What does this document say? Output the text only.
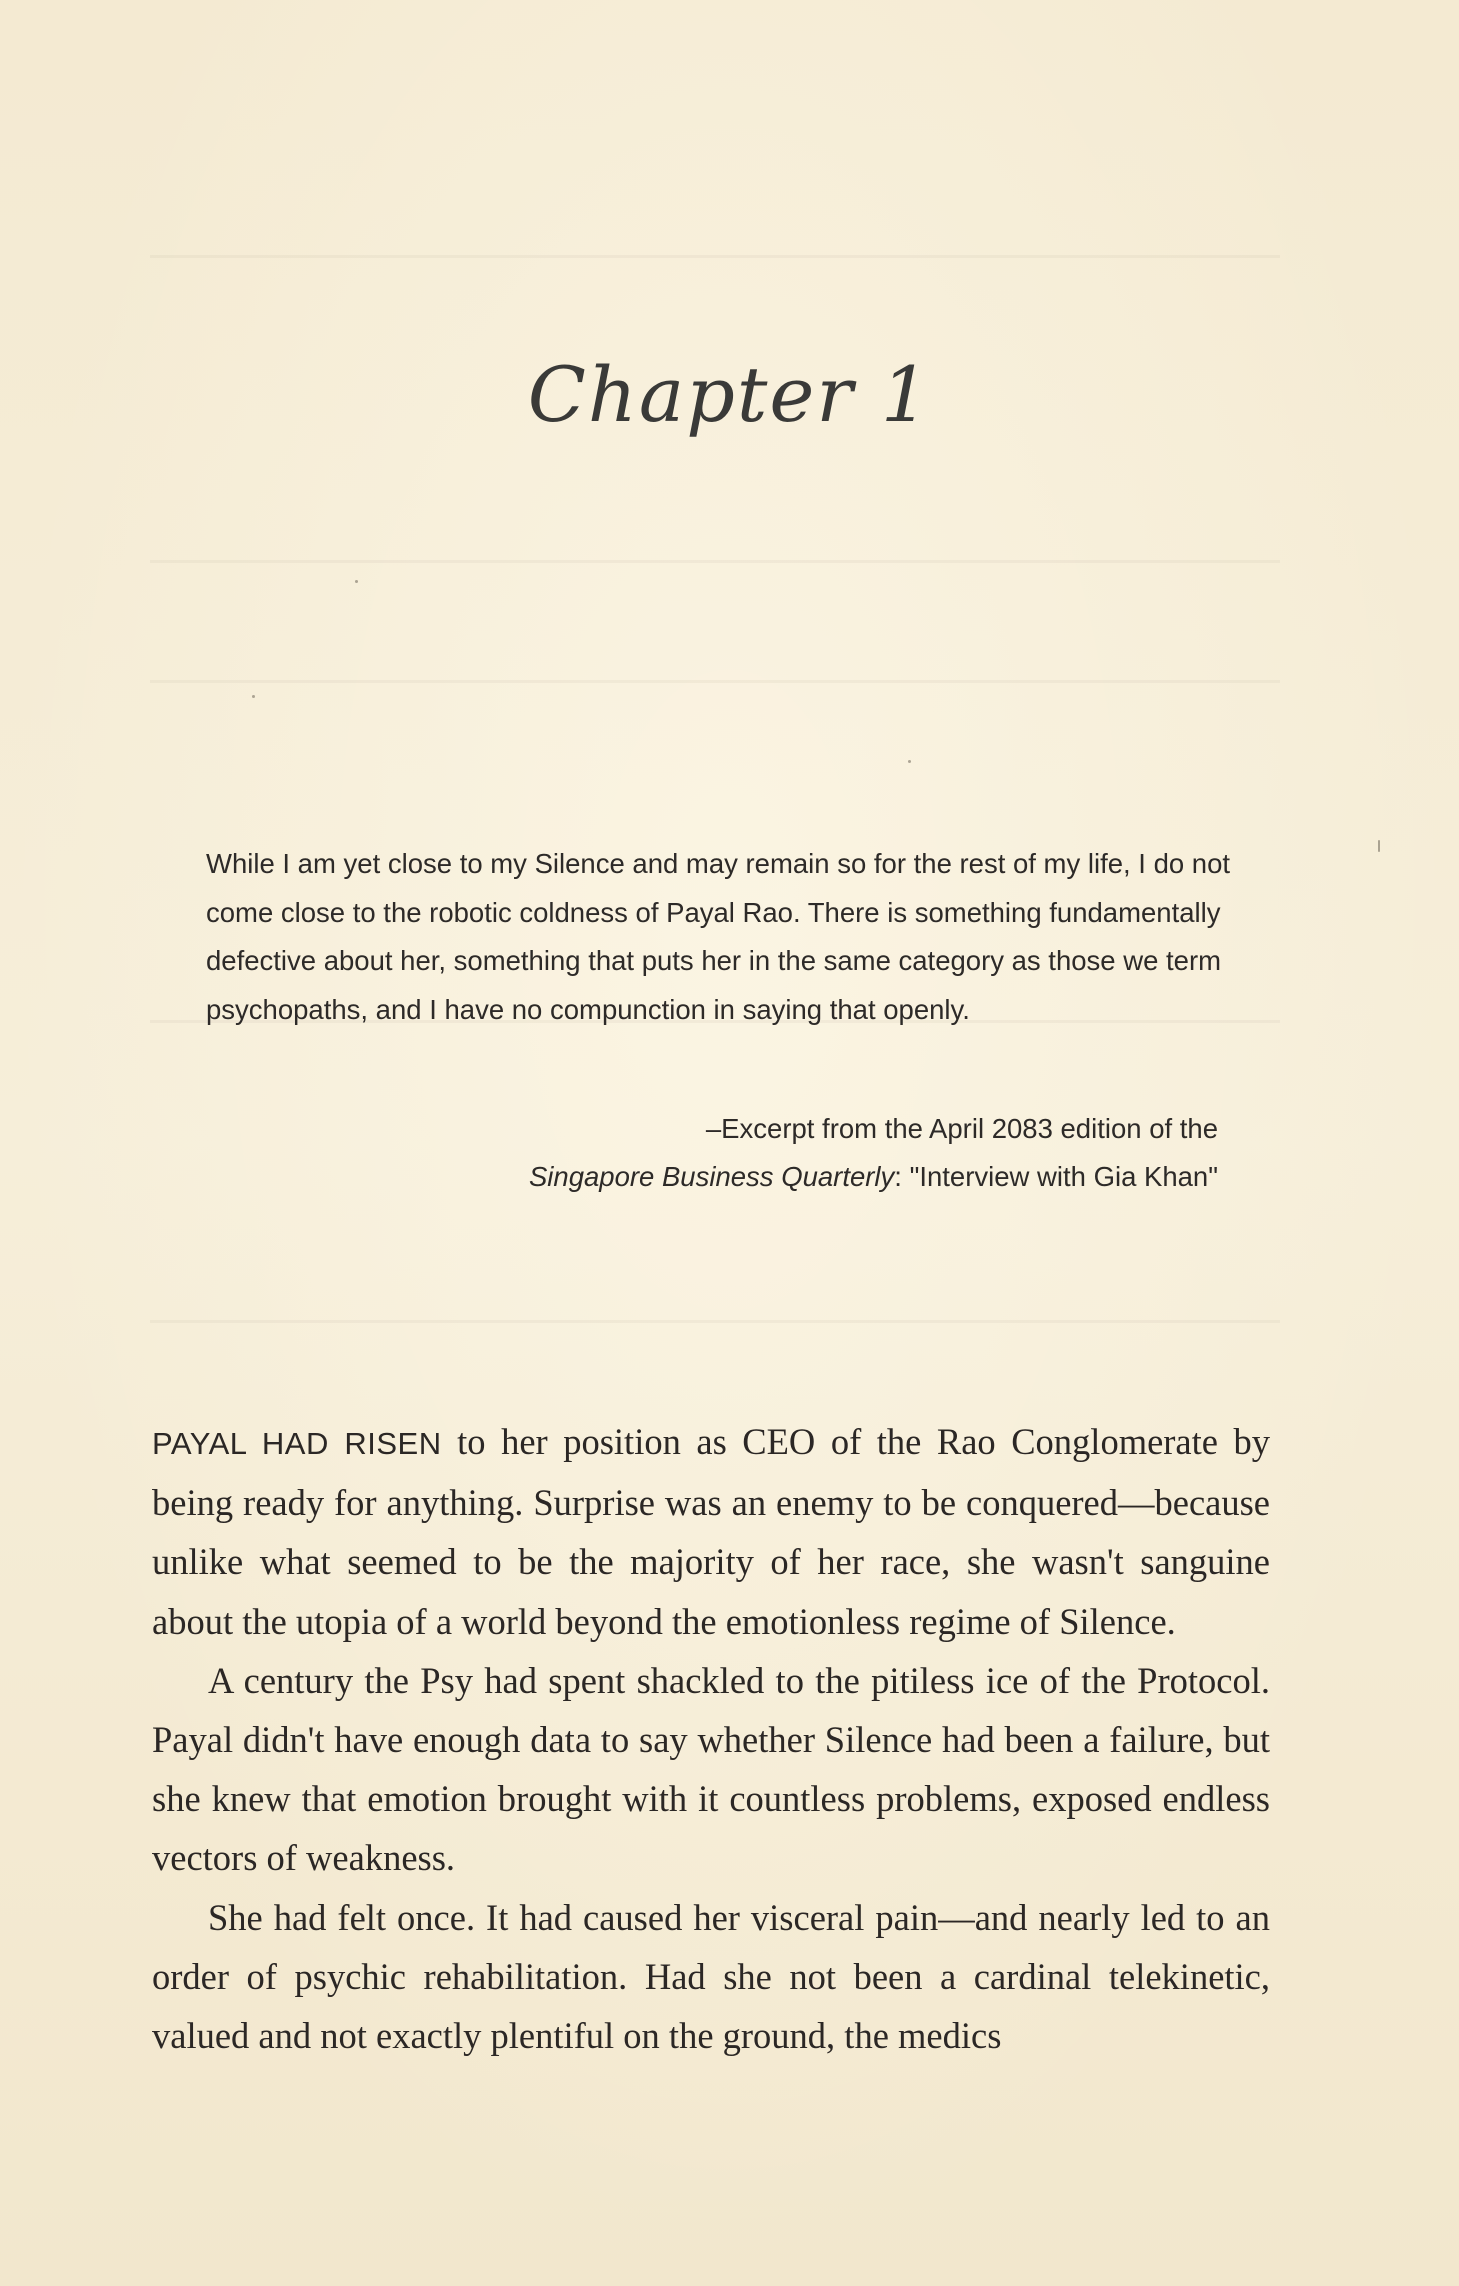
Chapter 1

While I am yet close to my Silence and may remain so for the rest of my life, I do not come close to the robotic coldness of Payal Rao. There is something fundamentally defective about her, something that puts her in the same category as those we term psychopaths, and I have no compunction in saying that openly.

–Excerpt from the April 2083 edition of the
Singapore Business Quarterly: "Interview with Gia Khan"

PAYAL HAD RISEN to her position as CEO of the Rao Conglomerate by being ready for anything. Surprise was an enemy to be conquered—because unlike what seemed to be the majority of her race, she wasn't sanguine about the utopia of a world beyond the emotionless regime of Silence.

A century the Psy had spent shackled to the pitiless ice of the Protocol. Payal didn't have enough data to say whether Silence had been a failure, but she knew that emotion brought with it countless problems, exposed endless vectors of weakness.

She had felt once. It had caused her visceral pain—and nearly led to an order of psychic rehabilitation. Had she not been a cardinal telekinetic, valued and not exactly plentiful on the ground, the medics
